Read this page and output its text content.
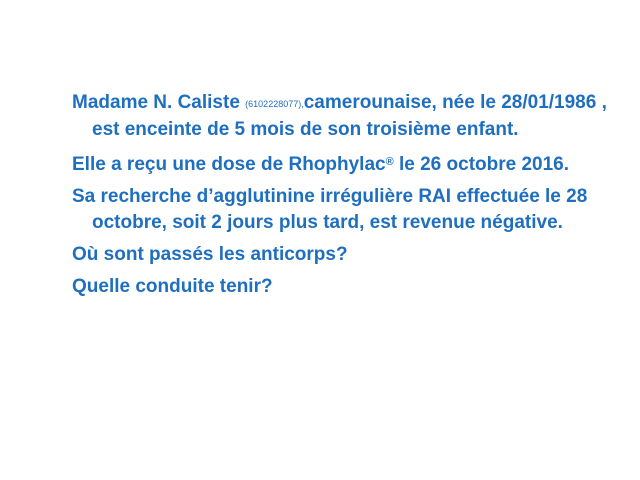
Madame N. Caliste (6102228077),camerounaise, née le 28/01/1986 , est enceinte de 5 mois de son troisième enfant.

Elle a reçu une dose de Rhophylac® le 26 octobre 2016.

Sa recherche d’agglutinine irrégulière RAI effectuée le 28 octobre, soit 2 jours plus tard, est revenue négative.

Où sont passés les anticorps?

Quelle conduite tenir?
